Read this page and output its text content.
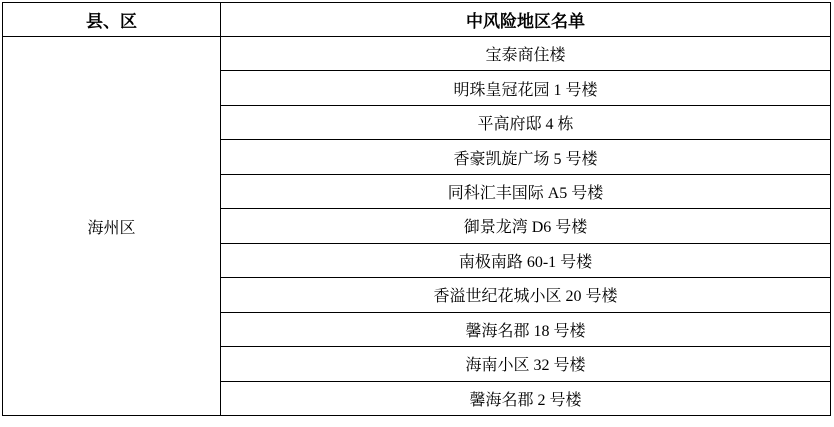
县、区	中风险地区名单
海州区	宝泰商住楼
	明珠皇冠花园 1 号楼
	平高府邸 4 栋
	香豪凯旋广场 5 号楼
	同科汇丰国际 A5 号楼
	御景龙湾 D6 号楼
	南极南路 60-1 号楼
	香溢世纪花城小区 20 号楼
	馨海名郡 18 号楼
	海南小区 32 号楼
	馨海名郡 2 号楼
